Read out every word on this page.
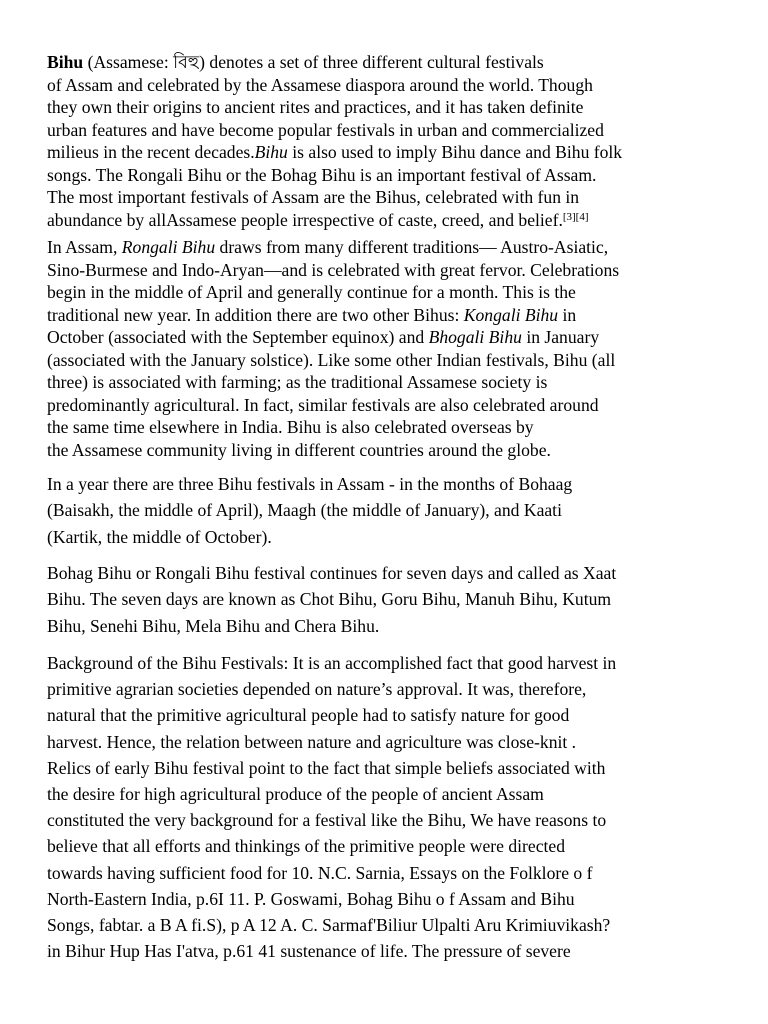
Bihu (Assamese: বিহু) denotes a set of three different cultural festivals
of Assam and celebrated by the Assamese diaspora around the world. Though
they own their origins to ancient rites and practices, and it has taken definite
urban features and have become popular festivals in urban and commercialized
milieus in the recent decades.Bihu is also used to imply Bihu dance and Bihu folk
songs. The Rongali Bihu or the Bohag Bihu is an important festival of Assam.
The most important festivals of Assam are the Bihus, celebrated with fun in
abundance by allAssamese people irrespective of caste, creed, and belief.[3][4]
In Assam, Rongali Bihu draws from many different traditions— Austro-Asiatic,
Sino-Burmese and Indo-Aryan—and is celebrated with great fervor. Celebrations
begin in the middle of April and generally continue for a month. This is the
traditional new year. In addition there are two other Bihus: Kongali Bihu in
October (associated with the September equinox) and Bhogali Bihu in January
(associated with the January solstice). Like some other Indian festivals, Bihu (all
three) is associated with farming; as the traditional Assamese society is
predominantly agricultural. In fact, similar festivals are also celebrated around
the same time elsewhere in India. Bihu is also celebrated overseas by
the Assamese community living in different countries around the globe.
In a year there are three Bihu festivals in Assam - in the months of Bohaag
(Baisakh, the middle of April), Maagh (the middle of January), and Kaati
(Kartik, the middle of October).
Bohag Bihu or Rongali Bihu festival continues for seven days and called as Xaat
Bihu. The seven days are known as Chot Bihu, Goru Bihu, Manuh Bihu, Kutum
Bihu, Senehi Bihu, Mela Bihu and Chera Bihu.
Background of the Bihu Festivals: It is an accomplished fact that good harvest in
primitive agrarian societies depended on nature’s approval. It was, therefore,
natural that the primitive agricultural people had to satisfy nature for good
harvest. Hence, the relation between nature and agriculture was close-knit .
Relics of early Bihu festival point to the fact that simple beliefs associated with
the desire for high agricultural produce of the people of ancient Assam
constituted the very background for a festival like the Bihu, We have reasons to
believe that all efforts and thinkings of the primitive people were directed
towards having sufficient food for 10. N.C. Sarnia, Essays on the Folklore o f
North-Eastern India, p.6I 11. P. Goswami, Bohag Bihu o f Assam and Bihu
Songs, fabtar. a B A fi.S), p A 12 A. C. Sarmaf'Biliur Ulpalti Aru Krimiuvikash?
in Bihur Hup Has I'atva, p.61 41 sustenance of life. The pressure of severe
